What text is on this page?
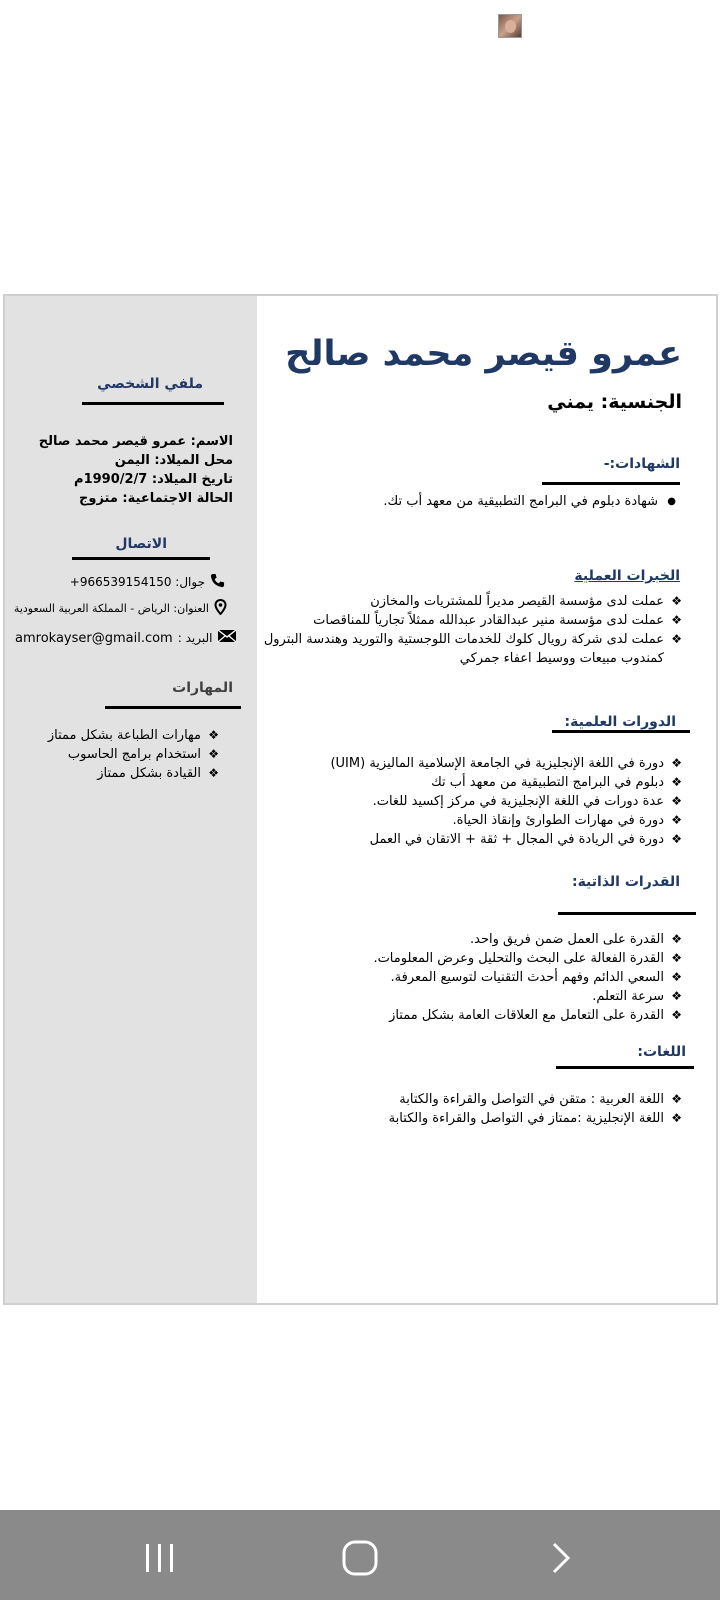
ملفي الشخصي
الاسم: عمرو قيصر محمد صالح
محل الميلاد: اليمن
تاريخ الميلاد: 1990/2/7م
الحالة الاجتماعية: متزوج
الاتصال
جوال: 966539154150+
العنوان: الرياض - المملكة العربية السعودية
amrokayser@gmail.com البريد :
المهارات
❖
مهارات الطباعة بشكل ممتاز
❖
استخدام برامج الحاسوب
❖
القيادة بشكل ممتاز
عمرو قيصر محمد صالح
الجنسية: يمني
الشهادات:-
●
شهادة دبلوم في البرامج التطبيقية من معهد أب تك.
الخبرات العملية
❖
عملت لدى مؤسسة القيصر مديراً للمشتريات والمخازن
❖
عملت لدى مؤسسة منير عبدالقادر عبدالله ممثلاً تجارياً للمناقصات
❖
عملت لدى شركة رويال كلوك للخدمات اللوجستية والتوريد وهندسة البترول كمندوب مبيعات ووسيط اعفاء جمركي
الدورات العلمية:
❖
دورة في اللغة الإنجليزية في الجامعة الإسلامية الماليزية (UIM)
❖
دبلوم في البرامج التطبيقية من معهد أب تك
❖
عدة دورات في اللغة الإنجليزية في مركز إكسيد للغات.
❖
دورة في مهارات الطوارئ وإنقاذ الحياة.
❖
دورة في الريادة في المجال + ثقة + الاتقان في العمل
القدرات الذاتية:
❖
القدرة على العمل ضمن فريق واحد.
❖
القدرة الفعالة على البحث والتحليل وعرض المعلومات.
❖
السعي الدائم وفهم أحدث التقنيات لتوسيع المعرفة.
❖
سرعة التعلم.
❖
القدرة على التعامل مع العلاقات العامة بشكل ممتاز
اللغات:
❖
اللغة العربية : متقن في التواصل والقراءة والكتابة
❖
اللغة الإنجليزية :ممتاز في التواصل والقراءة والكتابة
